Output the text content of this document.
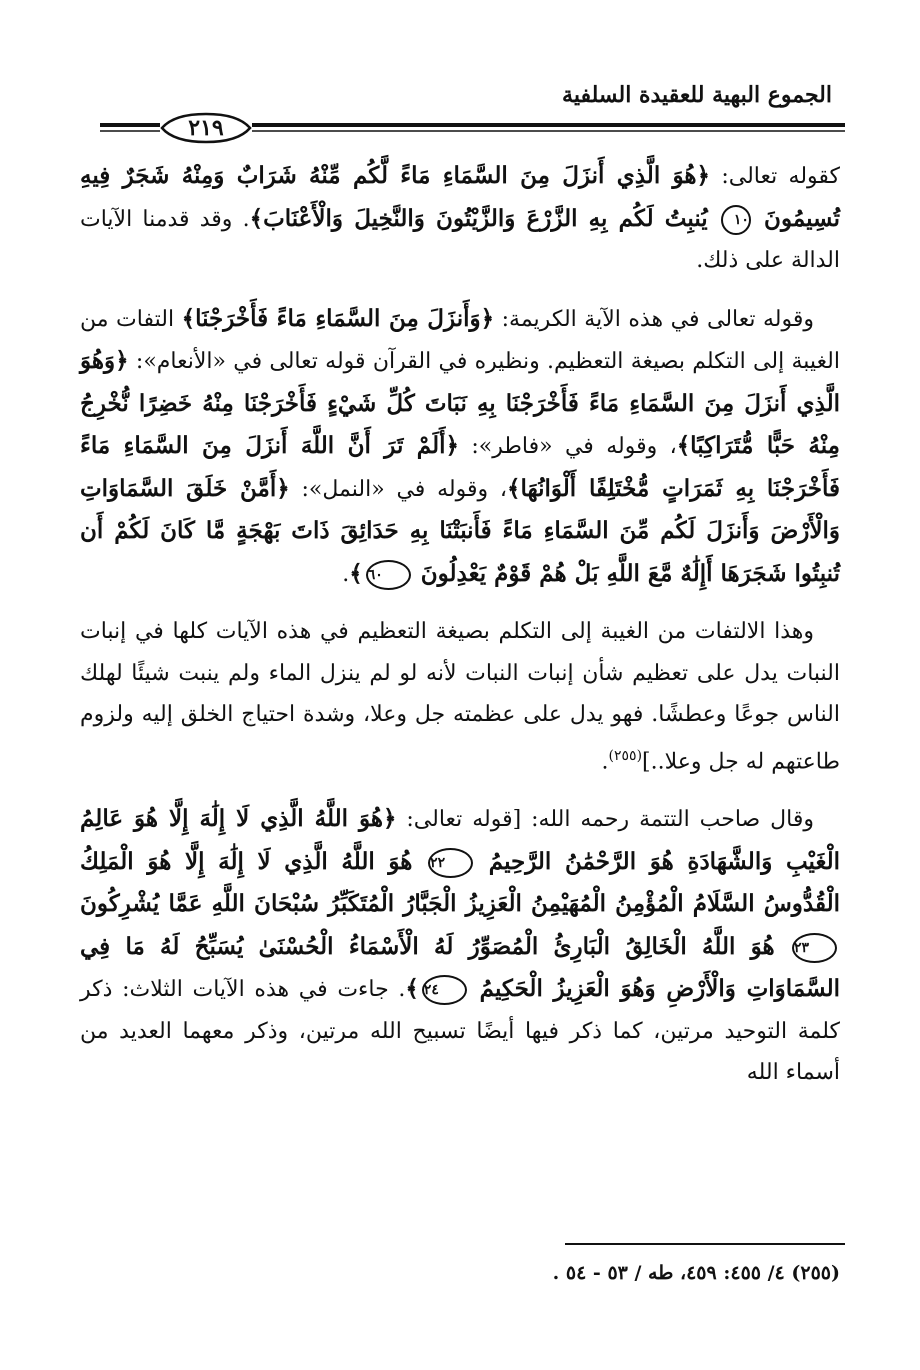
الجموع البهية للعقيدة السلفية
٢١٩

كقوله تعالى: ﴿هُوَ الَّذِي أَنزَلَ مِنَ السَّمَاءِ مَاءً لَّكُم مِّنْهُ شَرَابٌ وَمِنْهُ شَجَرٌ فِيهِ تُسِيمُونَ ١٠ يُنبِتُ لَكُم بِهِ الزَّرْعَ وَالزَّيْتُونَ وَالنَّخِيلَ وَالْأَعْنَابَ﴾. وقد قدمنا الآيات الدالة على ذلك.

وقوله تعالى في هذه الآية الكريمة: ﴿وَأَنزَلَ مِنَ السَّمَاءِ مَاءً فَأَخْرَجْنَا﴾ التفات من الغيبة إلى التكلم بصيغة التعظيم. ونظيره في القرآن قوله تعالى في «الأنعام»: ﴿وَهُوَ الَّذِي أَنزَلَ مِنَ السَّمَاءِ مَاءً فَأَخْرَجْنَا بِهِ نَبَاتَ كُلِّ شَيْءٍ فَأَخْرَجْنَا مِنْهُ خَضِرًا نُّخْرِجُ مِنْهُ حَبًّا مُّتَرَاكِبًا﴾، وقوله في «فاطر»: ﴿أَلَمْ تَرَ أَنَّ اللَّهَ أَنزَلَ مِنَ السَّمَاءِ مَاءً فَأَخْرَجْنَا بِهِ ثَمَرَاتٍ مُّخْتَلِفًا أَلْوَانُهَا﴾، وقوله في «النمل»: ﴿أَمَّنْ خَلَقَ السَّمَاوَاتِ وَالْأَرْضَ وَأَنزَلَ لَكُم مِّنَ السَّمَاءِ مَاءً فَأَنبَتْنَا بِهِ حَدَائِقَ ذَاتَ بَهْجَةٍ مَّا كَانَ لَكُمْ أَن تُنبِتُوا شَجَرَهَا أَإِلَٰهٌ مَّعَ اللَّهِ بَلْ هُمْ قَوْمٌ يَعْدِلُونَ ٦٠﴾.

وهذا الالتفات من الغيبة إلى التكلم بصيغة التعظيم في هذه الآيات كلها في إنبات النبات يدل على تعظيم شأن إنبات النبات لأنه لو لم ينزل الماء ولم ينبت شيئًا لهلك الناس جوعًا وعطشًا. فهو يدل على عظمته جل وعلا، وشدة احتياج الخلق إليه ولزوم طاعتهم له جل وعلا..]$^{(٢٥٥)}$.

وقال صاحب التتمة رحمه الله: [قوله تعالى: ﴿هُوَ اللَّهُ الَّذِي لَا إِلَٰهَ إِلَّا هُوَ عَالِمُ الْغَيْبِ وَالشَّهَادَةِ هُوَ الرَّحْمَٰنُ الرَّحِيمُ ٢٢ هُوَ اللَّهُ الَّذِي لَا إِلَٰهَ إِلَّا هُوَ الْمَلِكُ الْقُدُّوسُ السَّلَامُ الْمُؤْمِنُ الْمُهَيْمِنُ الْعَزِيزُ الْجَبَّارُ الْمُتَكَبِّرُ سُبْحَانَ اللَّهِ عَمَّا يُشْرِكُونَ ٢٣ هُوَ اللَّهُ الْخَالِقُ الْبَارِئُ الْمُصَوِّرُ لَهُ الْأَسْمَاءُ الْحُسْنَىٰ يُسَبِّحُ لَهُ مَا فِي السَّمَاوَاتِ وَالْأَرْضِ وَهُوَ الْعَزِيزُ الْحَكِيمُ ٢٤﴾. جاءت في هذه الآيات الثلاث: ذكر كلمة التوحيد مرتين، كما ذكر فيها أيضًا تسبيح الله مرتين، وذكر معهما العديد من أسماء الله

(٢٥٥) ٤/ ٤٥٥: ٤٥٩، طه / ٥٣ - ٥٤ .
